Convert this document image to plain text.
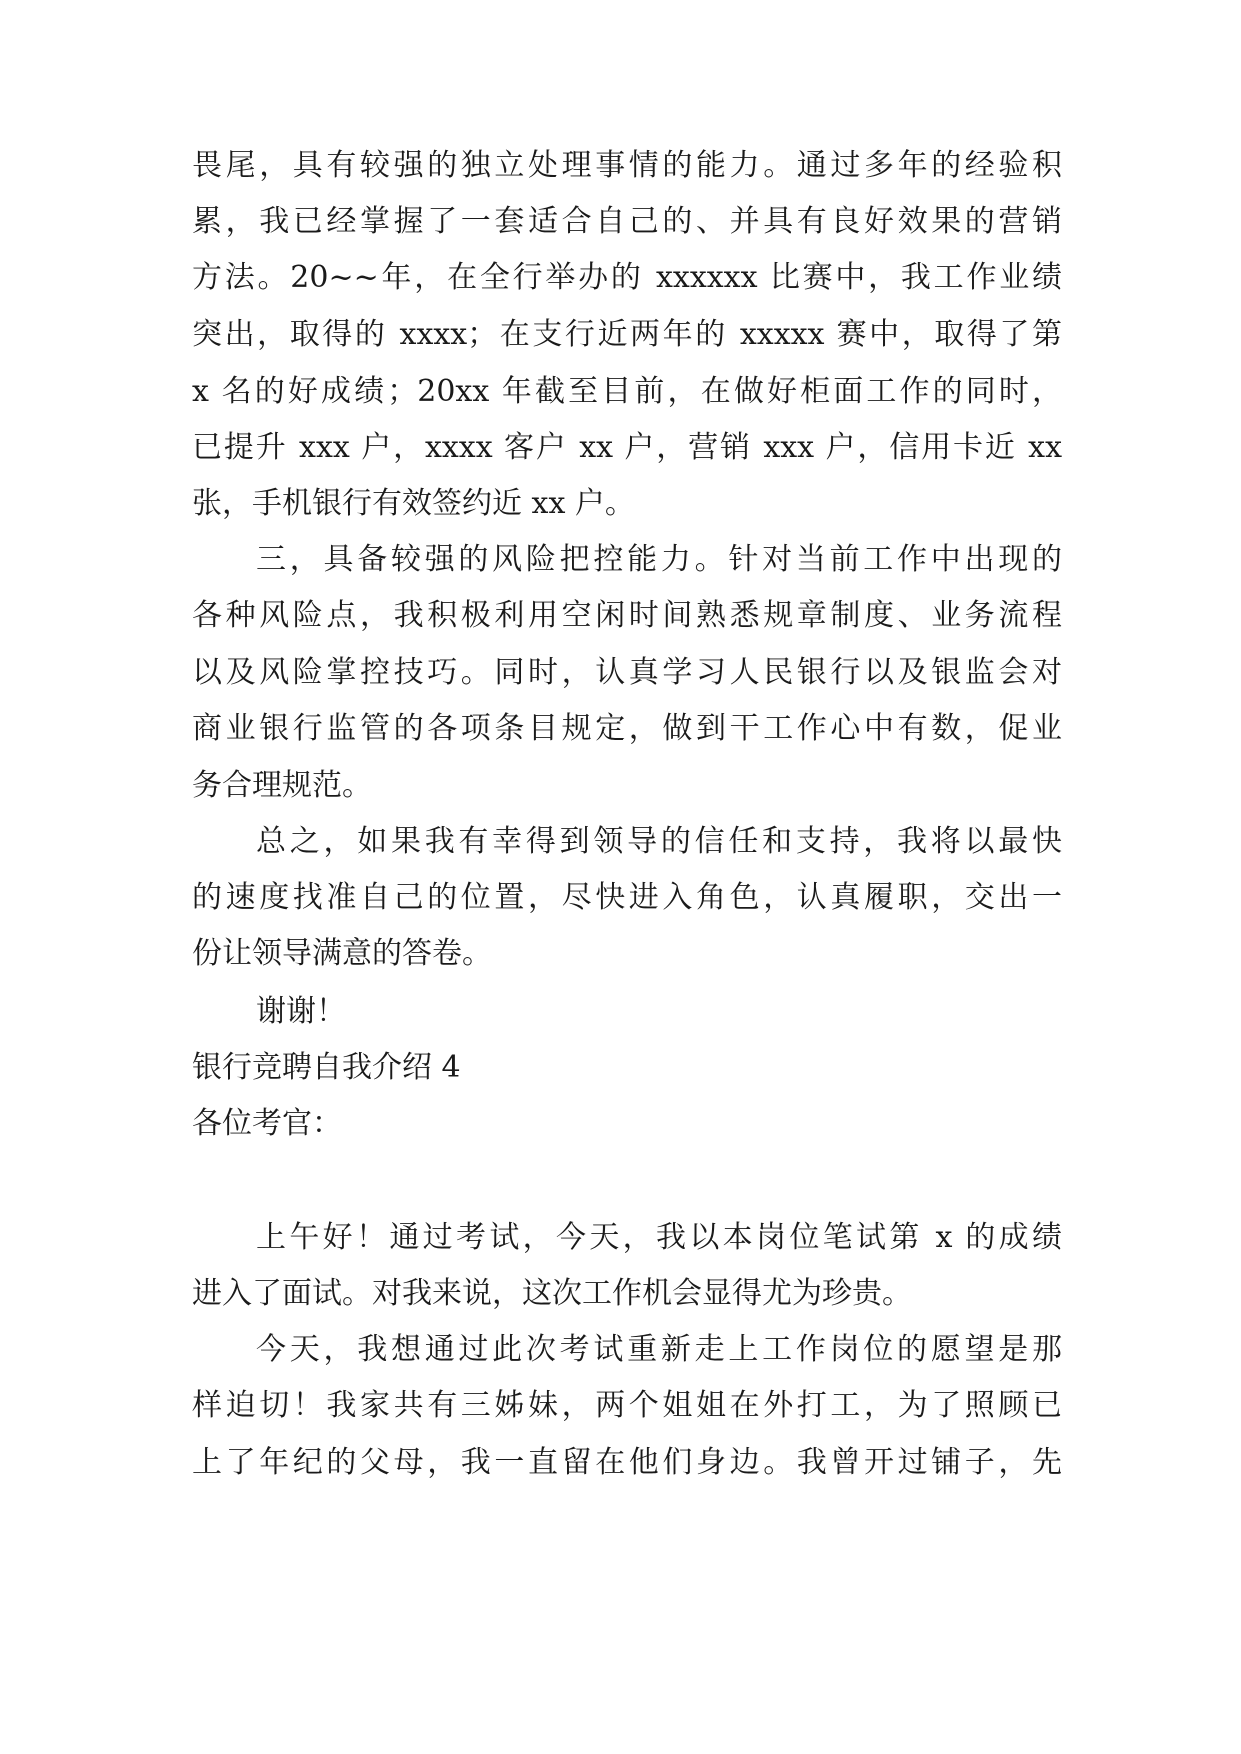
畏尾，具有较强的独立处理事情的能力。通过多年的经验积
累，我已经掌握了一套适合自己的、并具有良好效果的营销
方法。20~~年，在全行举办的 xxxxxx 比赛中，我工作业绩
突出，取得的 xxxx；在支行近两年的 xxxxx 赛中，取得了第
x 名的好成绩；20xx 年截至目前，在做好柜面工作的同时，
已提升 xxx 户，xxxx 客户 xx 户，营销 xxx 户，信用卡近 xx
张，手机银行有效签约近 xx 户。
三，具备较强的风险把控能力。针对当前工作中出现的
各种风险点，我积极利用空闲时间熟悉规章制度、业务流程
以及风险掌控技巧。同时，认真学习人民银行以及银监会对
商业银行监管的各项条目规定，做到干工作心中有数，促业
务合理规范。
总之，如果我有幸得到领导的信任和支持，我将以最快
的速度找准自己的位置，尽快进入角色，认真履职，交出一
份让领导满意的答卷。
谢谢！
银行竞聘自我介绍 4
各位考官：
上午好！通过考试，今天，我以本岗位笔试第 x 的成绩
进入了面试。对我来说，这次工作机会显得尤为珍贵。
今天，我想通过此次考试重新走上工作岗位的愿望是那
样迫切！我家共有三姊妹，两个姐姐在外打工，为了照顾已
上了年纪的父母，我一直留在他们身边。我曾开过铺子，先
